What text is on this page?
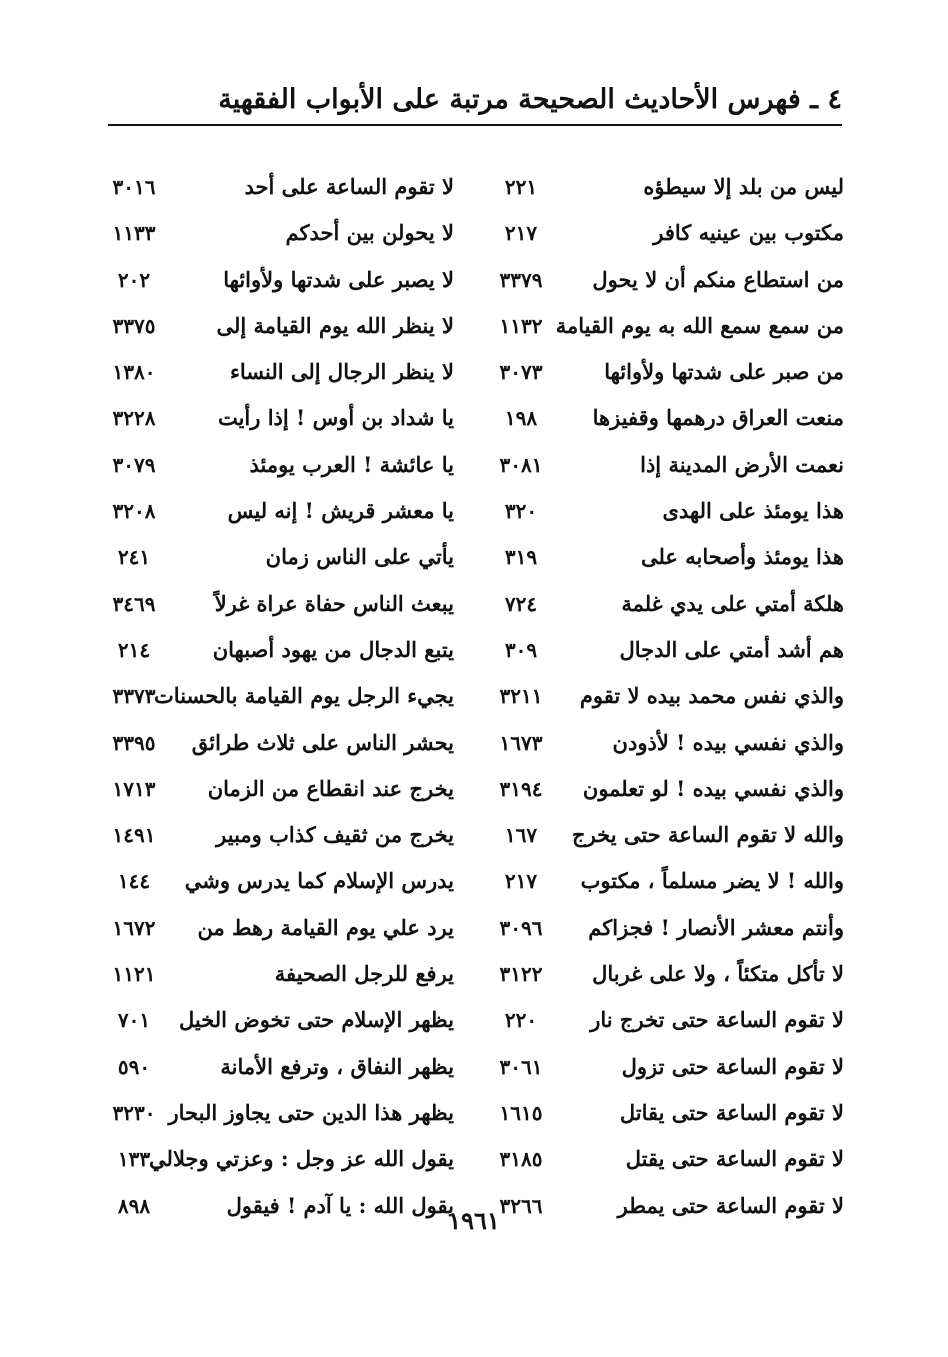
٤ ـ فهرس الأحاديث الصحيحة مرتبة على الأبواب الفقهية
ليس من بلد إلا سيطؤه
٢٢١
لا تقوم الساعة على أحد
٣٠١٦
مكتوب بين عينيه كافر
٢١٧
لا يحولن بين أحدكم
١١٣٣
من استطاع منكم أن لا يحول
٣٣٧٩
لا يصبر على شدتها ولأوائها
٢٠٢
من سمع سمع الله به يوم القيامة
١١٣٢
لا ينظر الله يوم القيامة إلى
٣٣٧٥
من صبر على شدتها ولأوائها
٣٠٧٣
لا ينظر الرجال إلى النساء
١٣٨٠
منعت العراق درهمها وقفيزها
١٩٨
يا شداد بن أوس ! إذا رأيت
٣٢٢٨
نعمت الأرض المدينة إذا
٣٠٨١
يا عائشة ! العرب يومئذ
٣٠٧٩
هذا يومئذ على الهدى
٣٢٠
يا معشر قريش ! إنه ليس
٣٢٠٨
هذا يومئذ وأصحابه على
٣١٩
يأتي على الناس زمان
٢٤١
هلكة أمتي على يدي غلمة
٧٢٤
يبعث الناس حفاة عراة غرلاً
٣٤٦٩
هم أشد أمتي على الدجال
٣٠٩
يتبع الدجال من يهود أصبهان
٢١٤
والذي نفس محمد بيده لا تقوم
٣٢١١
يجيء الرجل يوم القيامة بالحسنات
٣٣٧٣
والذي نفسي بيده ! لأذودن
١٦٧٣
يحشر الناس على ثلاث طرائق
٣٣٩٥
والذي نفسي بيده ! لو تعلمون
٣١٩٤
يخرج عند انقطاع من الزمان
١٧١٣
والله لا تقوم الساعة حتى يخرج
١٦٧
يخرج من ثقيف كذاب ومبير
١٤٩١
والله ! لا يضر مسلماً ، مكتوب
٢١٧
يدرس الإسلام كما يدرس وشي
١٤٤
وأنتم معشر الأنصار ! فجزاكم
٣٠٩٦
يرد علي يوم القيامة رهط من
١٦٧٢
لا تأكل متكئاً ، ولا على غربال
٣١٢٢
يرفع للرجل الصحيفة
١١٢١
لا تقوم الساعة حتى تخرج نار
٢٢٠
يظهر الإسلام حتى تخوض الخيل
٧٠١
لا تقوم الساعة حتى تزول
٣٠٦١
يظهر النفاق ، وترفع الأمانة
٥٩٠
لا تقوم الساعة حتى يقاتل
١٦١٥
يظهر هذا الدين حتى يجاوز البحار
٣٢٣٠
لا تقوم الساعة حتى يقتل
٣١٨٥
يقول الله عز وجل : وعزتي وجلالي
١٣٣
لا تقوم الساعة حتى يمطر
٣٢٦٦
يقول الله : يا آدم ! فيقول
٨٩٨
١٩٦١
